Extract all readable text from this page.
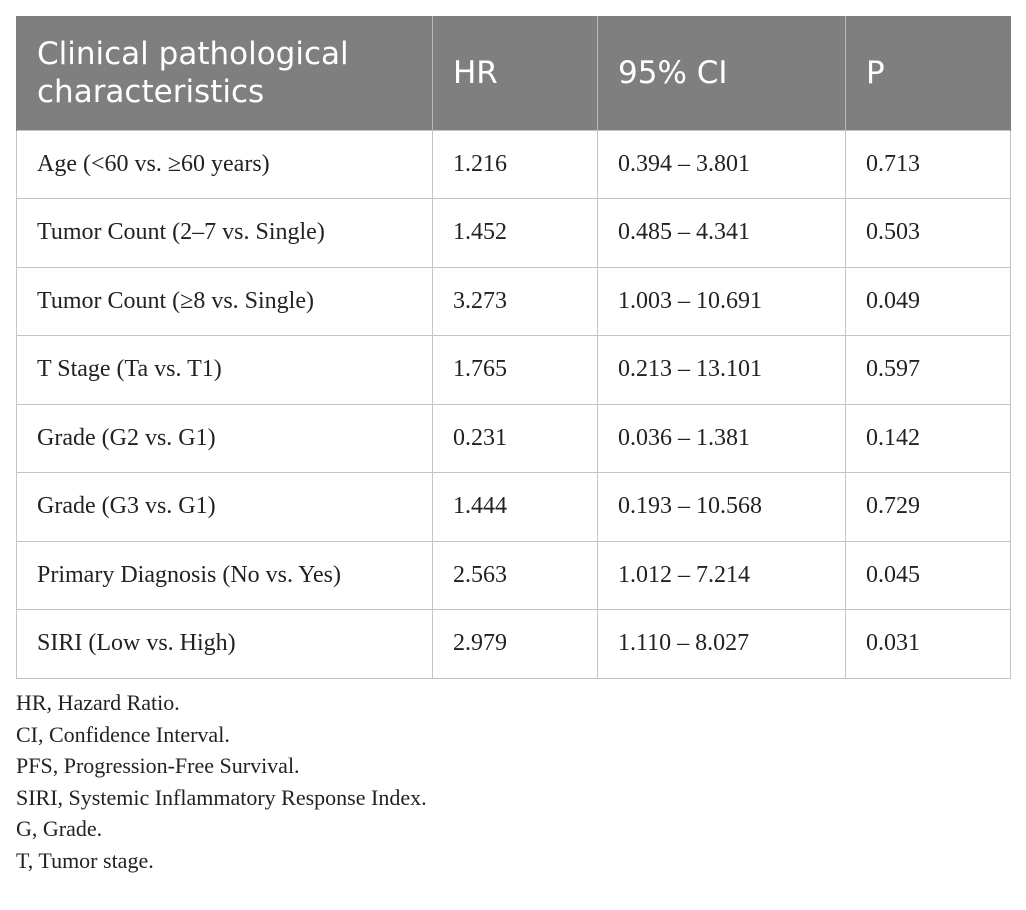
Clinical pathological characteristics	HR	95% CI	P
Age (<60 vs. ≥60 years)	1.216	0.394 – 3.801	0.713
Tumor Count (2–7 vs. Single)	1.452	0.485 – 4.341	0.503
Tumor Count (≥8 vs. Single)	3.273	1.003 – 10.691	0.049
T Stage (Ta vs. T1)	1.765	0.213 – 13.101	0.597
Grade (G2 vs. G1)	0.231	0.036 – 1.381	0.142
Grade (G3 vs. G1)	1.444	0.193 – 10.568	0.729
Primary Diagnosis (No vs. Yes)	2.563	1.012 – 7.214	0.045
SIRI (Low vs. High)	2.979	1.110 – 8.027	0.031
HR, Hazard Ratio.
CI, Confidence Interval.
PFS, Progression-Free Survival.
SIRI, Systemic Inflammatory Response Index.
G, Grade.
T, Tumor stage.
